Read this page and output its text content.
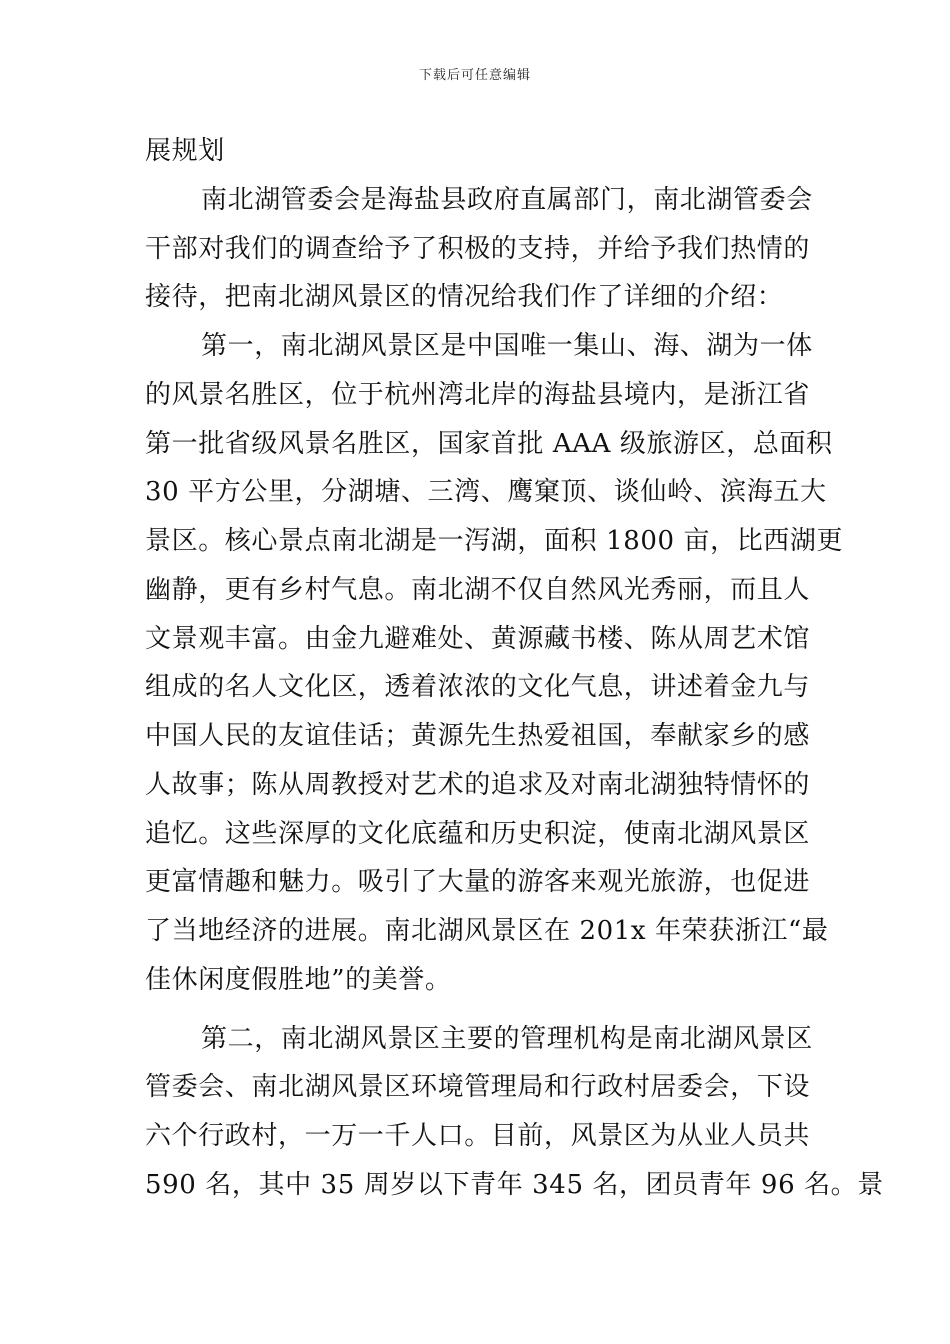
下载后可任意编辑
展规划
南北湖管委会是海盐县政府直属部门，南北湖管委会
干部对我们的调查给予了积极的支持，并给予我们热情的
接待，把南北湖风景区的情况给我们作了详细的介绍：
第一，南北湖风景区是中国唯一集山、海、湖为一体
的风景名胜区，位于杭州湾北岸的海盐县境内，是浙江省
第一批省级风景名胜区，国家首批 AAA 级旅游区，总面积
30 平方公里，分湖塘、三湾、鹰窠顶、谈仙岭、滨海五大
景区。核心景点南北湖是一泻湖，面积 1800 亩，比西湖更
幽静，更有乡村气息。南北湖不仅自然风光秀丽，而且人
文景观丰富。由金九避难处、黄源藏书楼、陈从周艺术馆
组成的名人文化区，透着浓浓的文化气息，讲述着金九与
中国人民的友谊佳话；黄源先生热爱祖国，奉献家乡的感
人故事；陈从周教授对艺术的追求及对南北湖独特情怀的
追忆。这些深厚的文化底蕴和历史积淀，使南北湖风景区
更富情趣和魅力。吸引了大量的游客来观光旅游，也促进
了当地经济的进展。南北湖风景区在 201x 年荣获浙江“最
佳休闲度假胜地”的美誉。
第二，南北湖风景区主要的管理机构是南北湖风景区
管委会、南北湖风景区环境管理局和行政村居委会，下设
六个行政村，一万一千人口。目前，风景区为从业人员共
590 名，其中 35 周岁以下青年 345 名，团员青年 96 名。景
